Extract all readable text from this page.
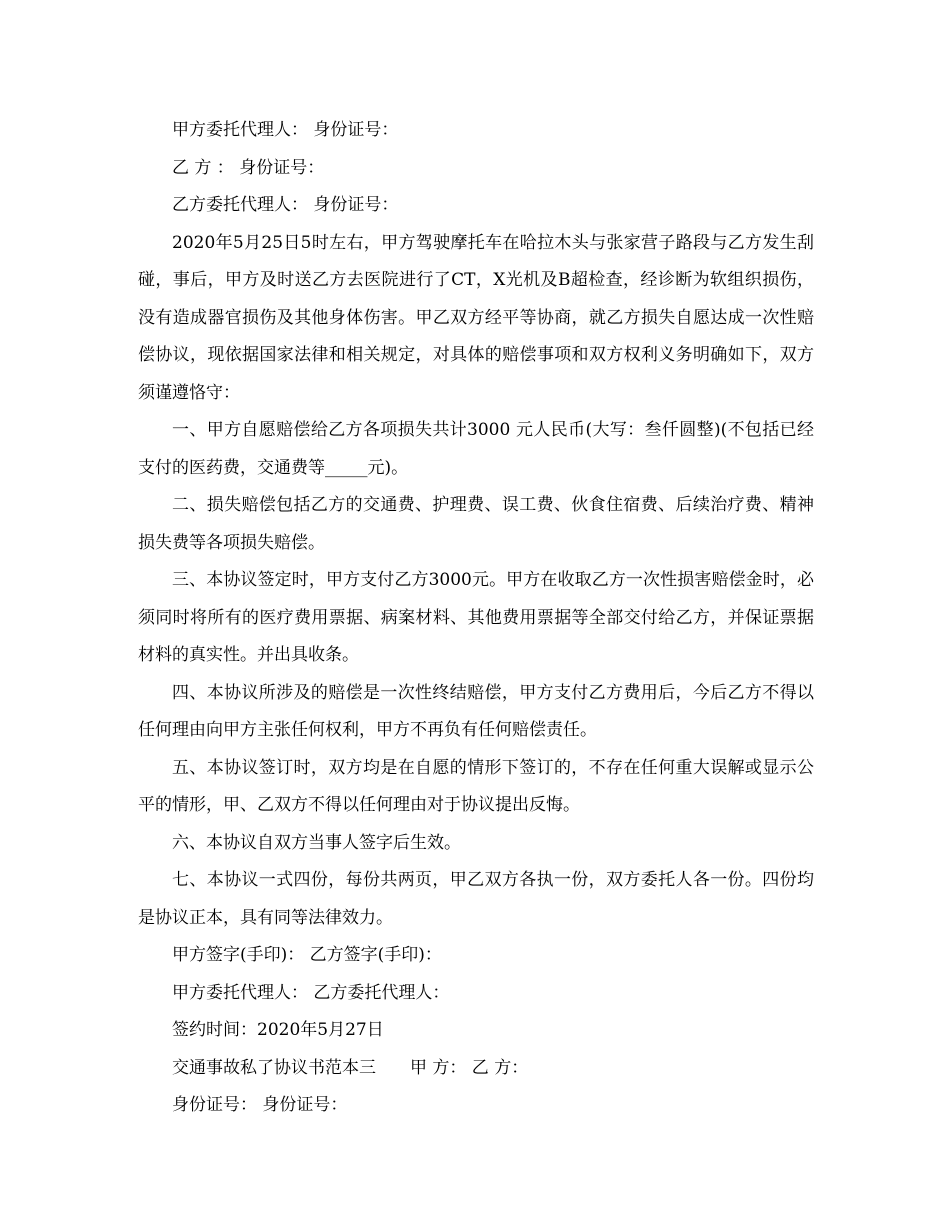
甲方委托代理人： 身份证号：

乙 方 ： 身份证号：

乙方委托代理人： 身份证号：

2020年5月25日5时左右，甲方驾驶摩托车在哈拉木头与张家营子路段与乙方发生刮碰，事后，甲方及时送乙方去医院进行了CT，X光机及B超检查，经诊断为软组织损伤，没有造成器官损伤及其他身体伤害。甲乙双方经平等协商，就乙方损失自愿达成一次性赔偿协议，现依据国家法律和相关规定，对具体的赔偿事项和双方权利义务明确如下，双方须谨遵恪守：

一、甲方自愿赔偿给乙方各项损失共计3000 元人民币(大写：叁仟圆整)(不包括已经支付的医药费，交通费等_____元)。

二、损失赔偿包括乙方的交通费、护理费、误工费、伙食住宿费、后续治疗费、精神损失费等各项损失赔偿。

三、本协议签定时，甲方支付乙方3000元。甲方在收取乙方一次性损害赔偿金时，必须同时将所有的医疗费用票据、病案材料、其他费用票据等全部交付给乙方，并保证票据材料的真实性。并出具收条。

四、本协议所涉及的赔偿是一次性终结赔偿，甲方支付乙方费用后，今后乙方不得以任何理由向甲方主张任何权利，甲方不再负有任何赔偿责任。

五、本协议签订时，双方均是在自愿的情形下签订的，不存在任何重大误解或显示公平的情形，甲、乙双方不得以任何理由对于协议提出反悔。

六、本协议自双方当事人签字后生效。

七、本协议一式四份，每份共两页，甲乙双方各执一份，双方委托人各一份。四份均是协议正本，具有同等法律效力。

甲方签字(手印)： 乙方签字(手印)：

甲方委托代理人： 乙方委托代理人：

签约时间：2020年5月27日

交通事故私了协议书范本三　　甲 方： 乙 方：

身份证号： 身份证号：
